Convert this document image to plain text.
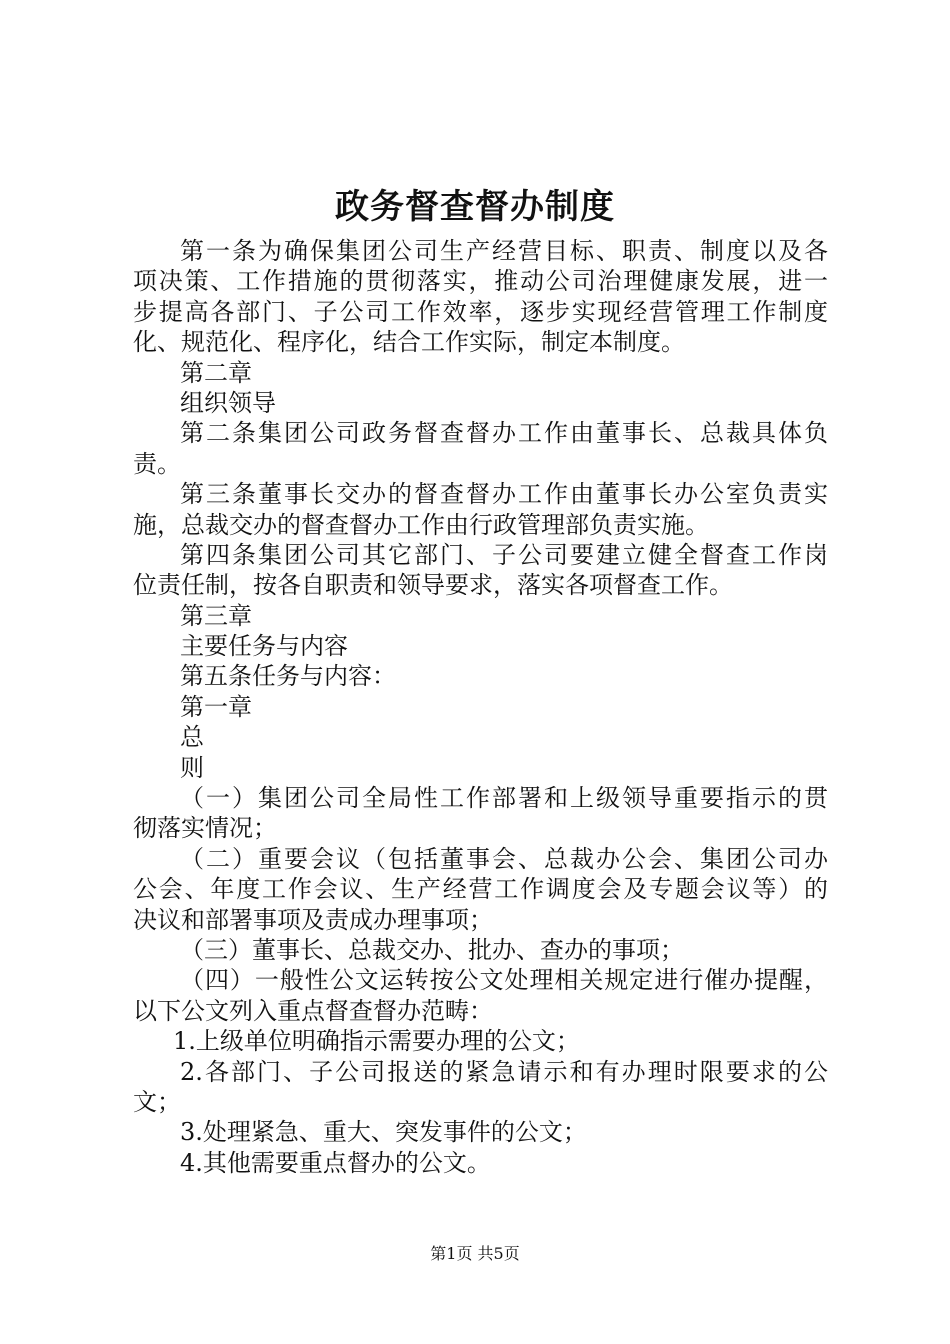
政务督查督办制度
第一条为确保集团公司生产经营目标、职责、制度以及各
项决策、工作措施的贯彻落实，推动公司治理健康发展，进一
步提高各部门、子公司工作效率，逐步实现经营管理工作制度
化、规范化、程序化，结合工作实际，制定本制度。
第二章
组织领导
第二条集团公司政务督查督办工作由董事长、总裁具体负
责。
第三条董事长交办的督查督办工作由董事长办公室负责实
施，总裁交办的督查督办工作由行政管理部负责实施。
第四条集团公司其它部门、子公司要建立健全督查工作岗
位责任制，按各自职责和领导要求，落实各项督查工作。
第三章
主要任务与内容
第五条任务与内容：
第一章
总
则
（一）集团公司全局性工作部署和上级领导重要指示的贯
彻落实情况；
（二）重要会议（包括董事会、总裁办公会、集团公司办
公会、年度工作会议、生产经营工作调度会及专题会议等）的
决议和部署事项及责成办理事项；
（三）董事长、总裁交办、批办、查办的事项；
（四）一般性公文运转按公文处理相关规定进行催办提醒，
以下公文列入重点督查督办范畴：
1.上级单位明确指示需要办理的公文；
2.各部门、子公司报送的紧急请示和有办理时限要求的公
文；
3.处理紧急、重大、突发事件的公文；
4.其他需要重点督办的公文。
第1页 共5页
